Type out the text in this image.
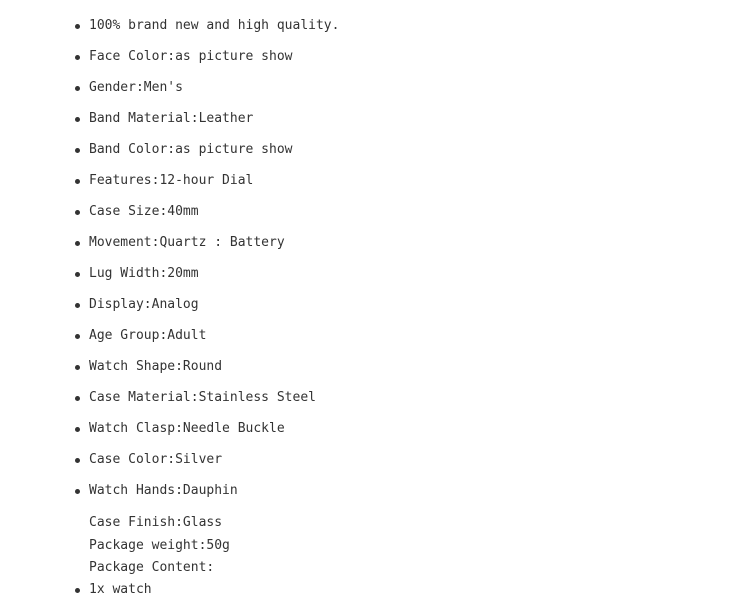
100% brand new and high quality.
Face Color:as picture show
Gender:Men's
Band Material:Leather
Band Color:as picture show
Features:12-hour Dial
Case Size:40mm
Movement:Quartz : Battery
Lug Width:20mm
Display:Analog
Age Group:Adult
Watch Shape:Round
Case Material:Stainless Steel
Watch Clasp:Needle Buckle
Case Color:Silver
Watch Hands:Dauphin
Case Finish:Glass
Package weight:50g
Package Content:
1x watch
